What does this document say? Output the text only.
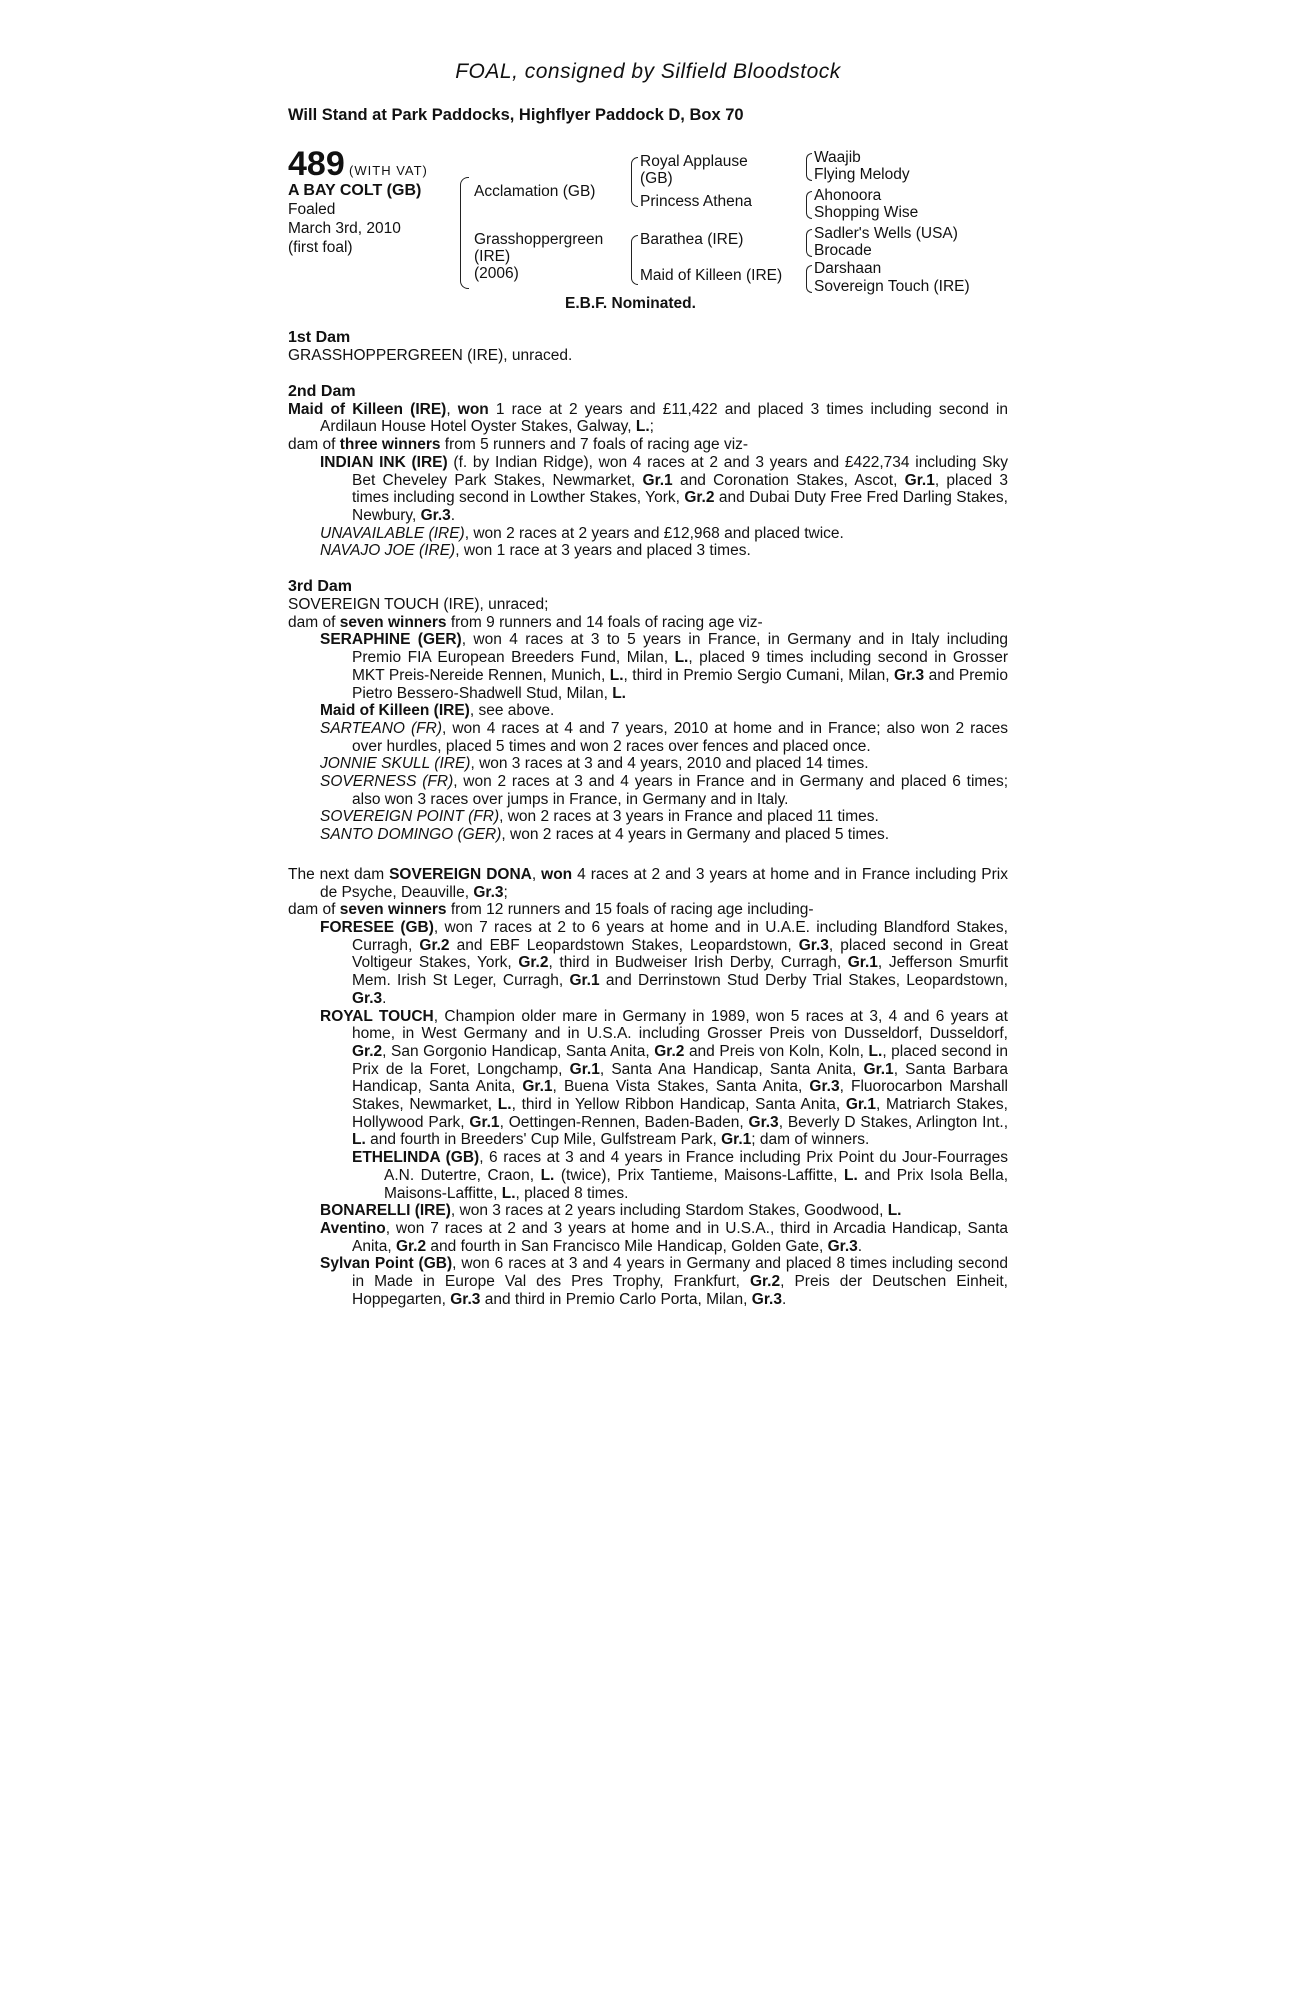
FOAL, consigned by Silfield Bloodstock
Will Stand at Park Paddocks, Highflyer Paddock D, Box 70
489 (WITH VAT)
A BAY COLT (GB)
Foaled
March 3rd, 2010
(first foal)
Acclamation (GB)
Grasshoppergreen
(IRE)
(2006)
Royal Applause
(GB)
Princess Athena
Barathea (IRE)
Maid of Killeen (IRE)
Waajib
Flying Melody
Ahonoora
Shopping Wise
Sadler's Wells (USA)
Brocade
Darshaan
Sovereign Touch (IRE)
E.B.F. Nominated.
1st Dam
GRASSHOPPERGREEN (IRE), unraced.
2nd Dam
Maid of Killeen (IRE), won 1 race at 2 years and £11,422 and placed 3 times including second in Ardilaun House Hotel Oyster Stakes, Galway, L.;
dam of three winners from 5 runners and 7 foals of racing age viz-
INDIAN INK (IRE) (f. by Indian Ridge), won 4 races at 2 and 3 years and £422,734 including Sky Bet Cheveley Park Stakes, Newmarket, Gr.1 and Coronation Stakes, Ascot, Gr.1, placed 3 times including second in Lowther Stakes, York, Gr.2 and Dubai Duty Free Fred Darling Stakes, Newbury, Gr.3.
UNAVAILABLE (IRE), won 2 races at 2 years and £12,968 and placed twice.
NAVAJO JOE (IRE), won 1 race at 3 years and placed 3 times.
3rd Dam
SOVEREIGN TOUCH (IRE), unraced;
dam of seven winners from 9 runners and 14 foals of racing age viz-
SERAPHINE (GER), won 4 races at 3 to 5 years in France, in Germany and in Italy including Premio FIA European Breeders Fund, Milan, L., placed 9 times including second in Grosser MKT Preis-Nereide Rennen, Munich, L., third in Premio Sergio Cumani, Milan, Gr.3 and Premio Pietro Bessero-Shadwell Stud, Milan, L.
Maid of Killeen (IRE), see above.
SARTEANO (FR), won 4 races at 4 and 7 years, 2010 at home and in France; also won 2 races over hurdles, placed 5 times and won 2 races over fences and placed once.
JONNIE SKULL (IRE), won 3 races at 3 and 4 years, 2010 and placed 14 times.
SOVERNESS (FR), won 2 races at 3 and 4 years in France and in Germany and placed 6 times; also won 3 races over jumps in France, in Germany and in Italy.
SOVEREIGN POINT (FR), won 2 races at 3 years in France and placed 11 times.
SANTO DOMINGO (GER), won 2 races at 4 years in Germany and placed 5 times.
The next dam SOVEREIGN DONA, won 4 races at 2 and 3 years at home and in France including Prix de Psyche, Deauville, Gr.3;
dam of seven winners from 12 runners and 15 foals of racing age including-
FORESEE (GB), won 7 races at 2 to 6 years at home and in U.A.E. including Blandford Stakes, Curragh, Gr.2 and EBF Leopardstown Stakes, Leopardstown, Gr.3, placed second in Great Voltigeur Stakes, York, Gr.2, third in Budweiser Irish Derby, Curragh, Gr.1, Jefferson Smurfit Mem. Irish St Leger, Curragh, Gr.1 and Derrinstown Stud Derby Trial Stakes, Leopardstown, Gr.3.
ROYAL TOUCH, Champion older mare in Germany in 1989, won 5 races at 3, 4 and 6 years at home, in West Germany and in U.S.A. including Grosser Preis von Dusseldorf, Dusseldorf, Gr.2, San Gorgonio Handicap, Santa Anita, Gr.2 and Preis von Koln, Koln, L., placed second in Prix de la Foret, Longchamp, Gr.1, Santa Ana Handicap, Santa Anita, Gr.1, Santa Barbara Handicap, Santa Anita, Gr.1, Buena Vista Stakes, Santa Anita, Gr.3, Fluorocarbon Marshall Stakes, Newmarket, L., third in Yellow Ribbon Handicap, Santa Anita, Gr.1, Matriarch Stakes, Hollywood Park, Gr.1, Oettingen-Rennen, Baden-Baden, Gr.3, Beverly D Stakes, Arlington Int., L. and fourth in Breeders' Cup Mile, Gulfstream Park, Gr.1; dam of winners.
ETHELINDA (GB), 6 races at 3 and 4 years in France including Prix Point du Jour-Fourrages A.N. Dutertre, Craon, L. (twice), Prix Tantieme, Maisons-Laffitte, L. and Prix Isola Bella, Maisons-Laffitte, L., placed 8 times.
BONARELLI (IRE), won 3 races at 2 years including Stardom Stakes, Goodwood, L.
Aventino, won 7 races at 2 and 3 years at home and in U.S.A., third in Arcadia Handicap, Santa Anita, Gr.2 and fourth in San Francisco Mile Handicap, Golden Gate, Gr.3.
Sylvan Point (GB), won 6 races at 3 and 4 years in Germany and placed 8 times including second in Made in Europe Val des Pres Trophy, Frankfurt, Gr.2, Preis der Deutschen Einheit, Hoppegarten, Gr.3 and third in Premio Carlo Porta, Milan, Gr.3.
